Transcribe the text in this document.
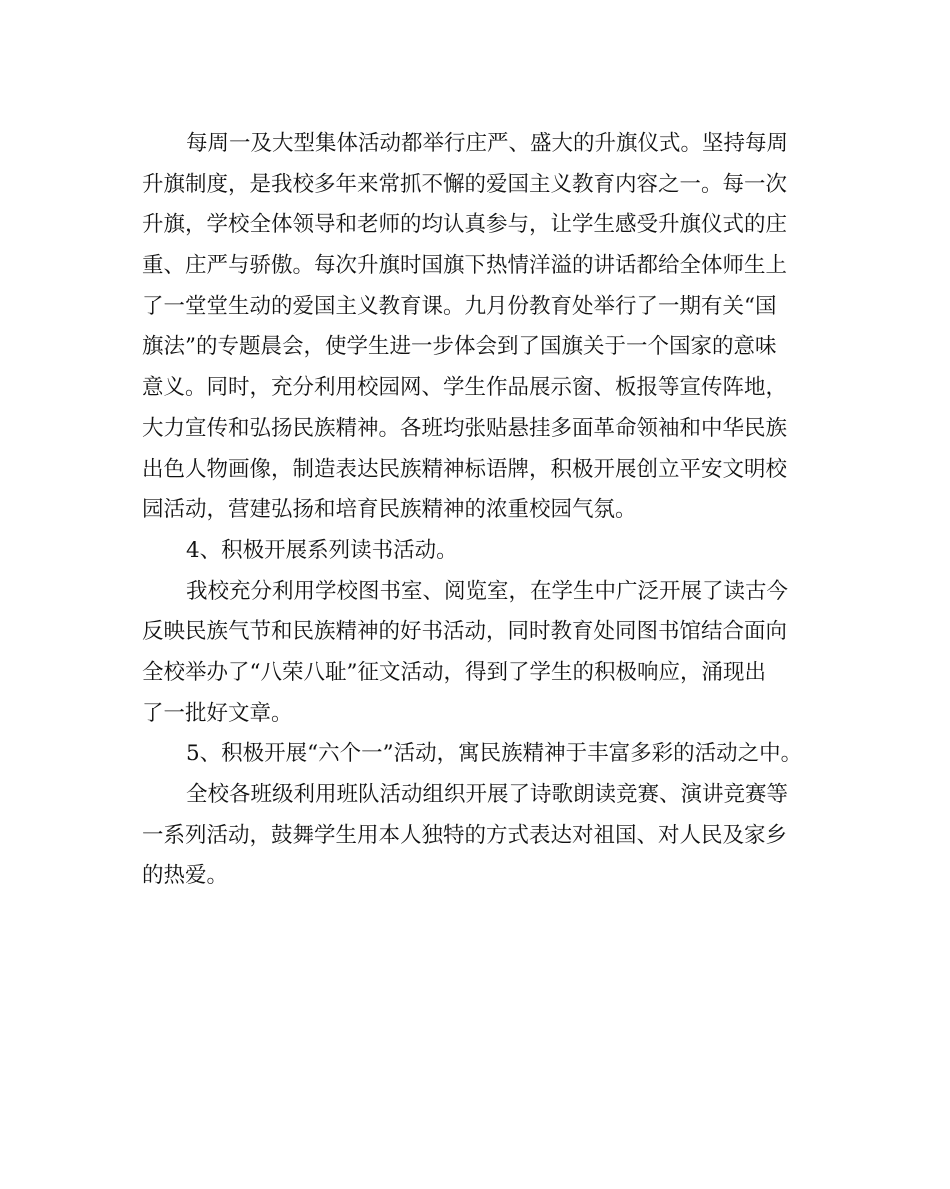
每周一及大型集体活动都举行庄严、盛大的升旗仪式。坚持每周
升旗制度，是我校多年来常抓不懈的爱国主义教育内容之一。每一次
升旗，学校全体领导和老师的均认真参与，让学生感受升旗仪式的庄
重、庄严与骄傲。每次升旗时国旗下热情洋溢的讲话都给全体师生上
了一堂堂生动的爱国主义教育课。九月份教育处举行了一期有关“国
旗法”的专题晨会，使学生进一步体会到了国旗关于一个国家的意味
意义。同时，充分利用校园网、学生作品展示窗、板报等宣传阵地，
大力宣传和弘扬民族精神。各班均张贴悬挂多面革命领袖和中华民族
出色人物画像，制造表达民族精神标语牌，积极开展创立平安文明校
园活动，营建弘扬和培育民族精神的浓重校园气氛。
4、积极开展系列读书活动。
我校充分利用学校图书室、阅览室，在学生中广泛开展了读古今
反映民族气节和民族精神的好书活动，同时教育处同图书馆结合面向
全校举办了“八荣八耻”征文活动，得到了学生的积极响应，涌现出
了一批好文章。
5、积极开展“六个一”活动，寓民族精神于丰富多彩的活动之中。
全校各班级利用班队活动组织开展了诗歌朗读竞赛、演讲竞赛等
一系列活动，鼓舞学生用本人独特的方式表达对祖国、对人民及家乡
的热爱。
